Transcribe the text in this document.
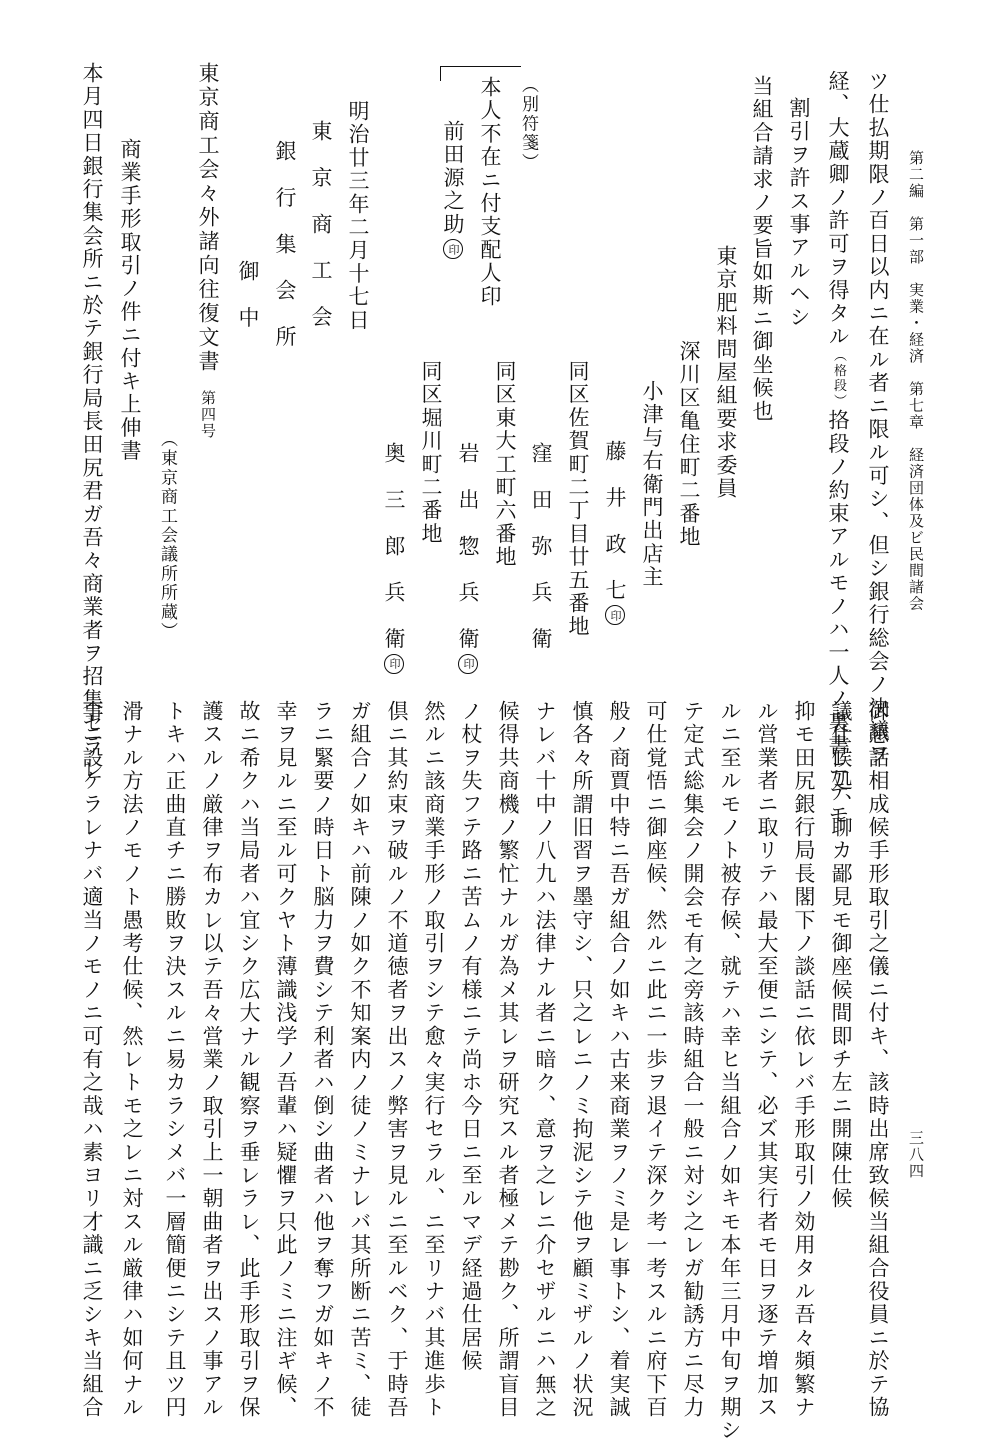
第二編　第一部　実業・経済　第七章　経済団体及ビ民間諸会
三八四
ツ仕払期限ノ百日以内ニ在ル者ニ限ル可シ、但シ銀行総会ノ決議ヲ
経、大蔵卿ノ許可ヲ得タル（格段）挌段ノ約束アルモノハ一人ノ裏書ニテモ
割引ヲ許ス事アルヘシ
当組合請求ノ要旨如斯ニ御坐候也
東京肥料問屋組要求委員
深川区亀住町二番地
小津与右衛門出店主
藤　井　政　七印
同区佐賀町二丁目廿五番地
窪　田　弥　兵　衛
同区東大工町六番地
岩　出　惣　兵　衛印
同区堀川町二番地
奥　三　郎　兵　衛印
（別符箋）
本人不在ニ付支配人印
前田源之助印
明治廿三年二月十七日
東　京　商　工　会
銀　行　集　会　所
御　中
東京商工会々外諸向往復文書第四号
（東京商工会議所所蔵）
商業手形取引ノ件ニ付キ上伸書
本月四日銀行集会所ニ於テ銀行局長田尻君ガ吾々商業者ヲ招集セラレ
御懇話相成候手形取引之儀ニ付キ、該時出席致候当組合役員ニ於テ協
議仕候処、聊カ鄙見モ御座候間即チ左ニ開陳仕候
抑モ田尻銀行局長閣下ノ談話ニ依レバ手形取引ノ効用タル吾々頻繁ナ
ル営業者ニ取リテハ最大至便ニシテ、必ズ其実行者モ日ヲ逐テ増加ス
ルニ至ルモノト被存候、就テハ幸ヒ当組合ノ如キモ本年三月中旬ヲ期シ
テ定式総集会ノ開会モ有之旁該時組合一般ニ対シ之レガ勧誘方ニ尽力
可仕覚悟ニ御座候、然ルニ此ニ一歩ヲ退イテ深ク考一考スルニ府下百
般ノ商賈中特ニ吾ガ組合ノ如キハ古来商業ヲノミ是レ事トシ、着実誠
慎各々所謂旧習ヲ墨守シ、只之レニノミ拘泥シテ他ヲ顧ミザルノ状況
ナレバ十中ノ八九ハ法律ナル者ニ暗ク、意ヲ之レニ介セザルニハ無之
候得共商機ノ繁忙ナルガ為メ其レヲ研究スル者極メテ尠ク、所謂盲目
ノ杖ヲ失フテ路ニ苦ムノ有様ニテ尚ホ今日ニ至ルマデ経過仕居候
然ルニ該商業手形ノ取引ヲシテ愈々実行セラル、ニ至リナバ其進歩ト
倶ニ其約束ヲ破ルノ不道徳者ヲ出スノ弊害ヲ見ルニ至ルベク、于時吾
ガ組合ノ如キハ前陳ノ如ク不知案内ノ徒ノミナレバ其所断ニ苦ミ、徒
ラニ緊要ノ時日ト脳力ヲ費シテ利者ハ倒シ曲者ハ他ヲ奪フガ如キノ不
幸ヲ見ルニ至ル可クヤト薄識浅学ノ吾輩ハ疑懼ヲ只此ノミニ注ギ候、
故ニ希クハ当局者ハ宜シク広大ナル観察ヲ垂レラレ、此手形取引ヲ保
護スルノ厳律ヲ布カレ以テ吾々営業ノ取引上一朝曲者ヲ出スノ事アル
トキハ正曲直チニ勝敗ヲ決スルニ易カラシメバ一層簡便ニシテ且ツ円
滑ナル方法ノモノト愚考仕候、然レトモ之レニ対スル厳律ハ如何ナル
事ニ設ケラレナバ適当ノモノニ可有之哉ハ素ヨリ才識ニ乏シキ当組合
